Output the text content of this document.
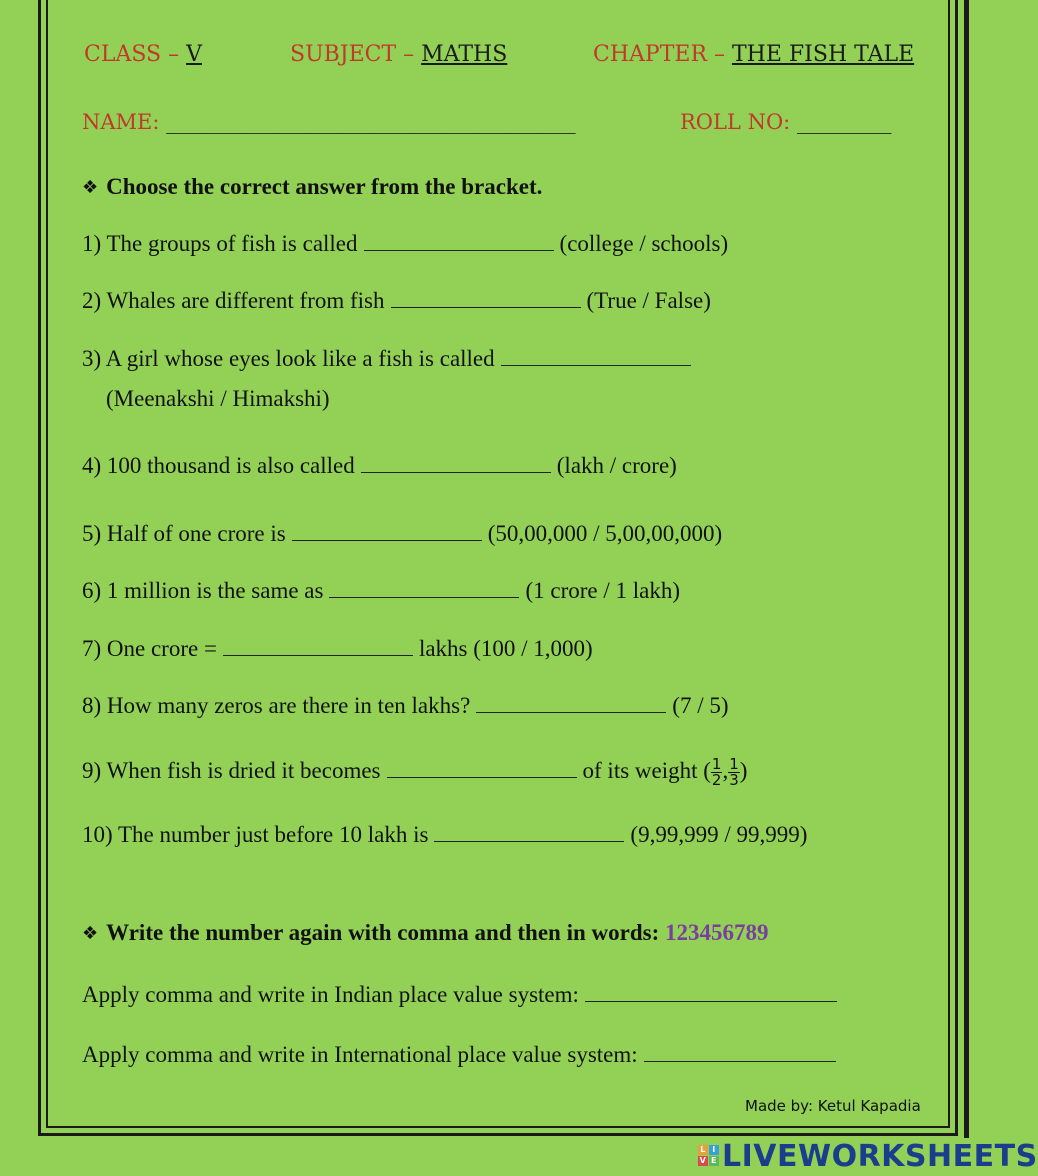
CLASS – V	SUBJECT – MATHS	CHAPTER – THE FISH TALE
NAME: _______________________________________	ROLL NO: _________
❖ Choose the correct answer from the bracket.
1) The groups of fish is called	(college / schools)
2) Whales are different from fish	(True / False)
3) A girl whose eyes look like a fish is called
(Meenakshi / Himakshi)
4) 100 thousand is also called	(lakh / crore)
5) Half of one crore is	(50,00,000 / 5,00,00,000)
6) 1 million is the same as	(1 crore / 1 lakh)
7) One crore =	lakhs (100 / 1,000)
8) How many zeros are there in ten lakhs?	(7 / 5)
9) When fish is dried it becomes	of its weight ( $\frac{1}{2}$ , $\frac{1}{3}$ )
10) The number just before 10 lakh is	(9,99,999 / 99,999)
❖ Write the number again with comma and then in words: 123456789
Apply comma and write in Indian place value system:
Apply comma and write in International place value system:
Made by: Ketul Kapadia
L I
V E LIVEWORKSHEETS
